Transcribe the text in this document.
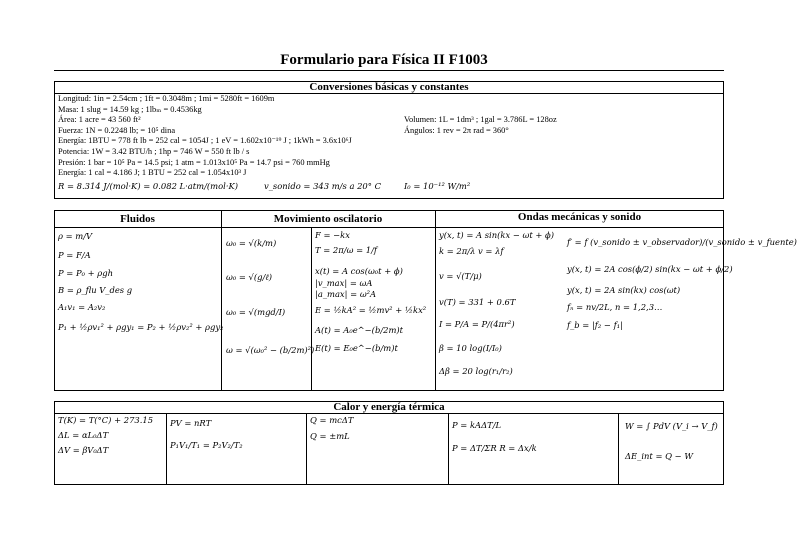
Formulario para Física II F1003
Conversiones básicas y constantes
Longitud: 1in = 2.54cm ; 1ft = 0.3048m ; 1mi = 5280ft = 1609m
Masa: 1 slug = 14.59 kg ; 1lbₘ = 0.4536kg
Área: 1 acre = 43 560 ft²
Fuerza: 1N = 0.2248 lb; = 10⁵ dina
Energía: 1BTU = 778 ft lb = 252 cal = 1054J ; 1 eV = 1.602x10⁻¹⁹ J ; 1kWh = 3.6x10⁶J
Potencia: 1W = 3.42 BTU/h ; 1hp = 746 W = 550 ft lb / s
Presión: 1 bar = 10⁵ Pa = 14.5 psi; 1 atm = 1.013x10⁵ Pa = 14.7 psi = 760 mmHg
Energía: 1 cal = 4.186 J; 1 BTU = 252 cal = 1.054x10³ J
Volumen: 1L = 1dm³ ; 1gal = 3.786L = 128oz
Ángulos: 1 rev = 2π rad = 360°
R = 8.314 J/(mol·K) = 0.082 L·atm/(mol·K)	v_sonido = 343 m/s a 20° C	I₀ = 10⁻¹² W/m²
Fluidos
ρ = m/V
P = F/A
P = P₀ + ρgh
B = ρ_flu V_des g
A₁v₁ = A₂v₂
P₁ + ½ρv₁² + ρgy₁ = P₂ + ½ρv₂² + ρgy₂
Movimiento oscilatorio
ω₀ = √(k/m)
ω₀ = √(g/ℓ)
ω₀ = √(mgd/I)
ω = √(ω₀² − (b/2m)²)
F = −kx
T = 2π/ω = 1/f
x(t) = A cos(ω₀t + ϕ)
|v_max| = ωA
|a_max| = ω²A
E = ½kA² = ½mv² + ½kx²
A(t) = A₀e^−(b/2m)t
E(t) = E₀e^−(b/m)t
Ondas mecánicas y sonido
y(x, t) = A sin(kx − ωt + ϕ)
k = 2π/λ v = λf
v = √(T/μ)
v(T) = 331 + 0.6T
I = P/A = P/(4πr²)
β = 10 log(I/I₀)
Δβ = 20 log(r₁/r₂)
f′ = f (v_sonido ± v_observador)/(v_sonido ± v_fuente)
y(x, t) = 2A cos(ϕ/2) sin(kx − ωt + ϕ/2)
y(x, t) = 2A sin(kx) cos(ωt)
fₙ = nv/2L, n = 1,2,3…
f_b = |f₂ − f₁|
Calor y energía térmica
T(K) = T(°C) + 273.15
ΔL = αL₀ΔT
ΔV = βV₀ΔT
PV = nRT
P₁V₁/T₁ = P₂V₂/T₂
Q = mcΔT
Q = ±mL
P = kAΔT/L
P = ΔT/ΣR R = Δx/k
W = ∫ PdV (V_i → V_f)
ΔE_int = Q − W
